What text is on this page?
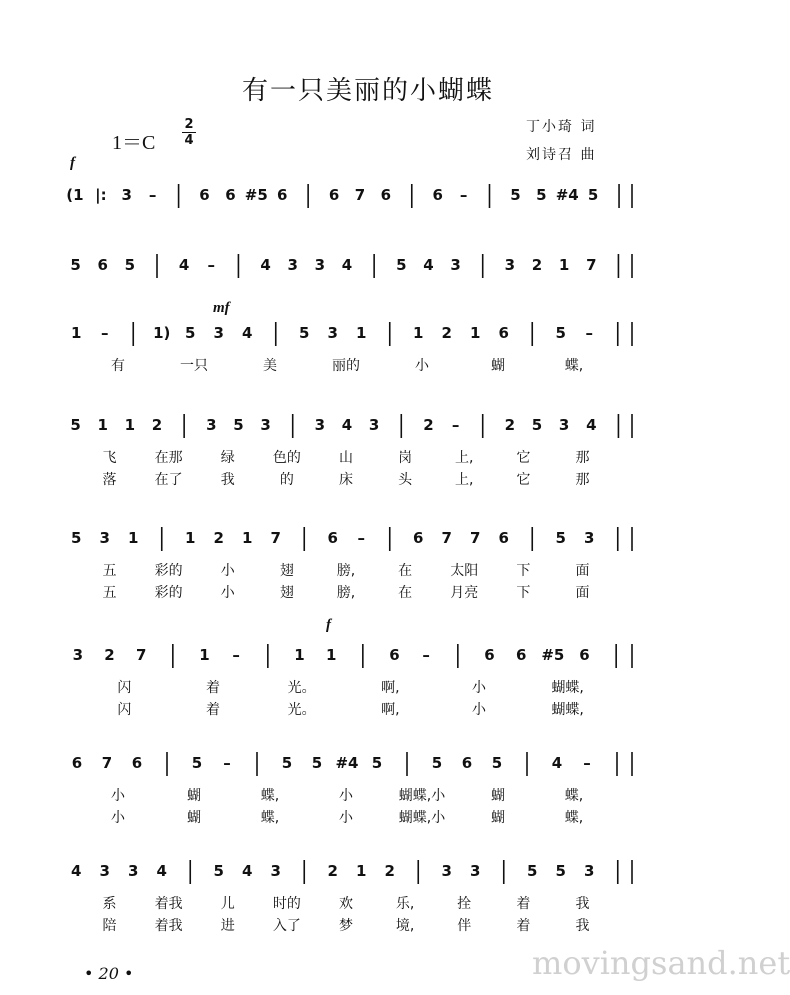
有一只美丽的小蝴蝶
1＝C
2
4
丁小琦 词
刘诗召 曲
f
mf
f
(1 |: 3 –	6 6 #5 6	6 7 6	6 –	5 5 #4 5
5 6 5	4 –	4 3 3 4	5 4 3	3 2 1 7
1 –	1) 5 3 4	5 3 1	1 2 1 6	5 –
有	一只	美	丽的	小	蝴	蝶,
5 1 1 2	3 5 3	3 4 3	2 –	2 5 3 4
飞	在那	绿	色的	山	岗	上,	它	那
落	在了	我	的	床	头	上,	它	那
5 3 1	1 2 1 7	6 –	6 7 7 6	5 3
五	彩的	小	翅	膀,	在	太阳	下	面
五	彩的	小	翅	膀,	在	月亮	下	面
3 2 7	1 –	1 1	6 –	6 6 #5 6
闪	着	光。	啊,	小	蝴蝶,
闪	着	光。	啊,	小	蝴蝶,
6 7 6	5 –	5 5 #4 5	5 6 5	4 –
小	蝴	蝶,	小	蝴蝶,小	蝴	蝶,
小	蝴	蝶,	小	蝴蝶,小	蝴	蝶,
4 3 3 4	5 4 3	2 1 2	3 3	5 5 3
系	着我	儿	时的	欢	乐,	拴	着	我
陪	着我	进	入了	梦	境,	伴	着	我
• 20 •	movingsand.net
